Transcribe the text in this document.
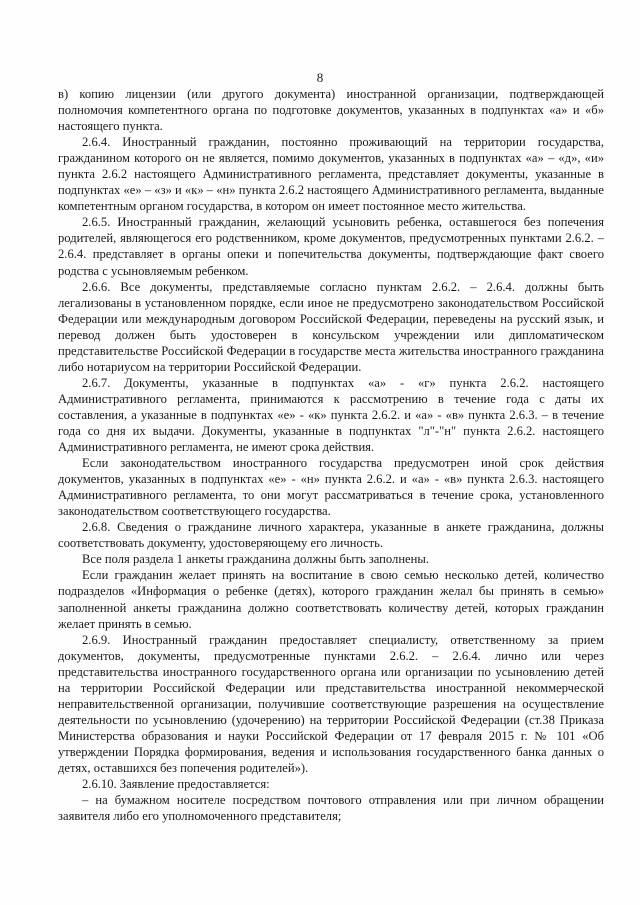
8

в) копию лицензии (или другого документа) иностранной организации, подтверждающей полномочия компетентного органа по подготовке документов, указанных в подпунктах «а» и «б» настоящего пункта.

2.6.4. Иностранный гражданин, постоянно проживающий на территории государства, гражданином которого он не является, помимо документов, указанных в подпунктах «а» – «д», «и» пункта 2.6.2 настоящего Административного регламента, представляет документы, указанные в подпунктах «е» – «з» и «к» – «н» пункта 2.6.2 настоящего Административного регламента, выданные компетентным органом государства, в котором он имеет постоянное место жительства.

2.6.5. Иностранный гражданин, желающий усыновить ребенка, оставшегося без попечения родителей, являющегося его родственником, кроме документов, предусмотренных пунктами 2.6.2. – 2.6.4. представляет в органы опеки и попечительства документы, подтверждающие факт своего родства с усыновляемым ребенком.

2.6.6. Все документы, представляемые согласно пунктам 2.6.2. – 2.6.4. должны быть легализованы в установленном порядке, если иное не предусмотрено законодательством Российской Федерации или международным договором Российской Федерации, переведены на русский язык, и перевод должен быть удостоверен в консульском учреждении или дипломатическом представительстве Российской Федерации в государстве места жительства иностранного гражданина либо нотариусом на территории Российской Федерации.

2.6.7. Документы, указанные в подпунктах «а» - «г» пункта 2.6.2. настоящего Административного регламента, принимаются к рассмотрению в течение года с даты их составления, а указанные в подпунктах «е» - «к» пункта 2.6.2. и «а» - «в» пункта 2.6.3. – в течение года со дня их выдачи. Документы, указанные в подпунктах "л"-"н" пункта 2.6.2. настоящего Административного регламента, не имеют срока действия.

Если законодательством иностранного государства предусмотрен иной срок действия документов, указанных в подпунктах «е» - «н» пункта 2.6.2. и «а» - «в» пункта 2.6.3. настоящего Административного регламента, то они могут рассматриваться в течение срока, установленного законодательством соответствующего государства.

2.6.8. Сведения о гражданине личного характера, указанные в анкете гражданина, должны соответствовать документу, удостоверяющему его личность.

Все поля раздела 1 анкеты гражданина должны быть заполнены.

Если гражданин желает принять на воспитание в свою семью несколько детей, количество подразделов «Информация о ребенке (детях), которого гражданин желал бы принять в семью» заполненной анкеты гражданина должно соответствовать количеству детей, которых гражданин желает принять в семью.

2.6.9. Иностранный гражданин предоставляет специалисту, ответственному за прием документов, документы, предусмотренные пунктами 2.6.2. – 2.6.4. лично или через представительства иностранного государственного органа или организации по усыновлению детей на территории Российской Федерации или представительства иностранной некоммерческой неправительственной организации, получившие соответствующие разрешения на осуществление деятельности по усыновлению (удочерению) на территории Российской Федерации (ст.38 Приказа Министерства образования и науки Российской Федерации от 17 февраля 2015 г. № 101 «Об утверждении Порядка формирования, ведения и использования государственного банка данных о детях, оставшихся без попечения родителей»).

2.6.10. Заявление предоставляется:

– на бумажном носителе посредством почтового отправления или при личном обращении заявителя либо его уполномоченного представителя;
